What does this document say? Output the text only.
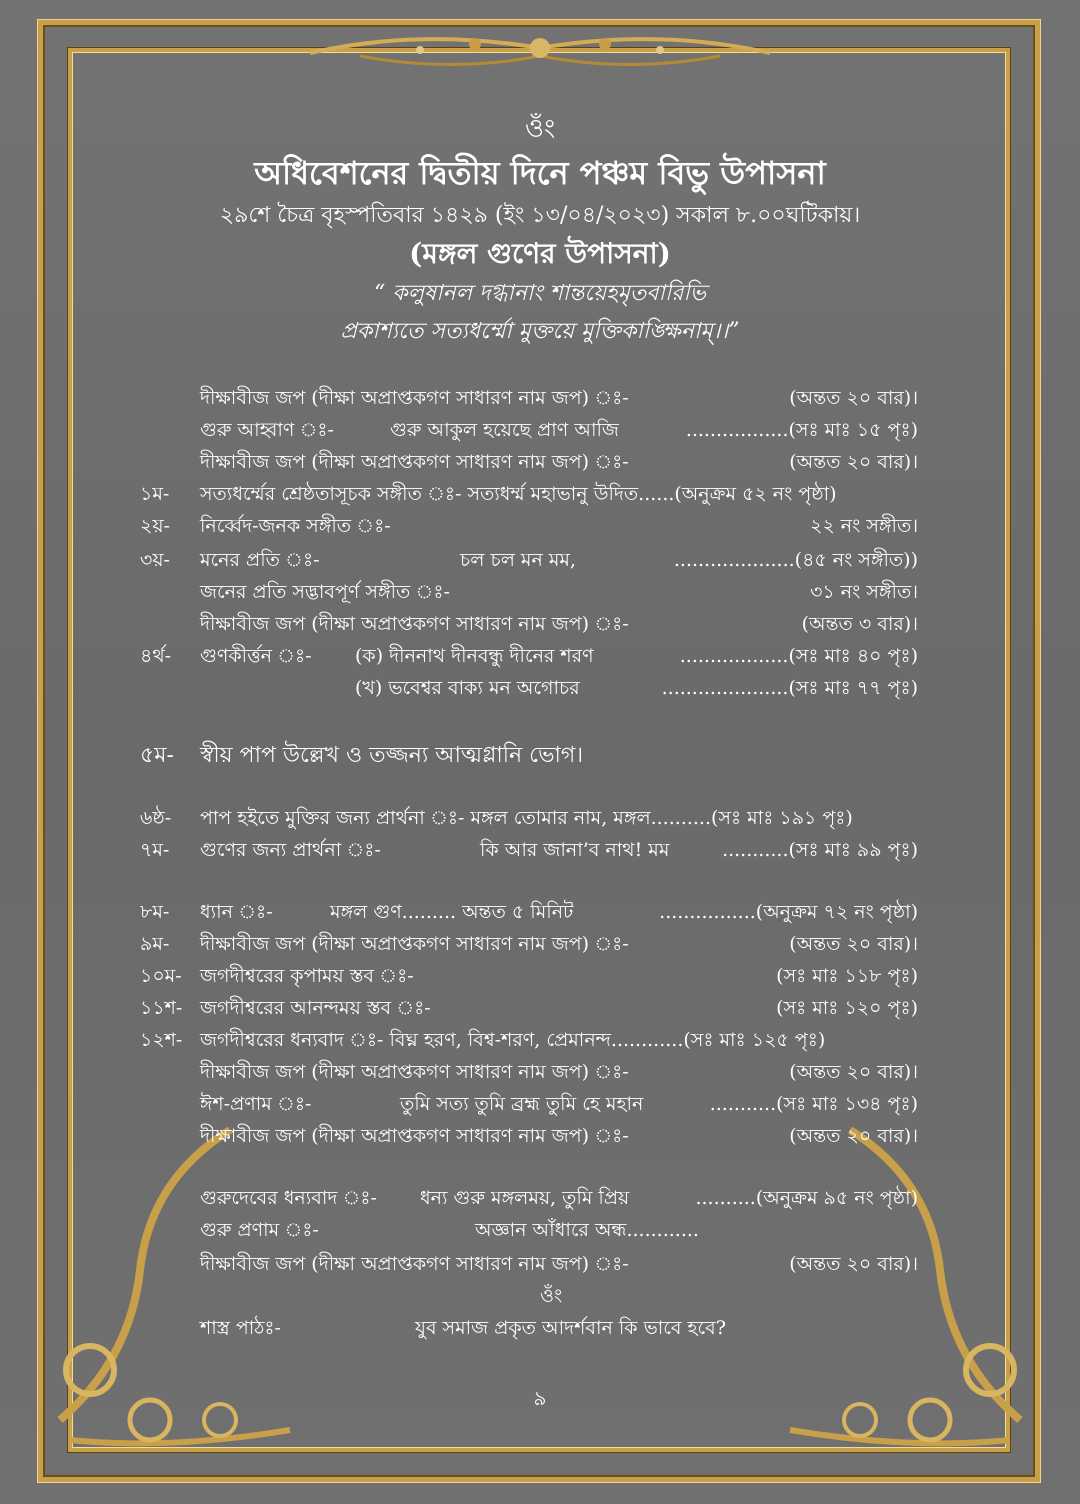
ওঁং
অধিবেশনের দ্বিতীয় দিনে পঞ্চম বিভু উপাসনা
২৯শে চৈত্র বৃহস্পতিবার ১৪২৯ (ইং ১৩/০৪/২০২৩) সকাল ৮.০০ঘটিকায়।
(মঙ্গল গুণের উপাসনা)
“ কলুষানল দগ্ধানাং শান্তয়েহমৃতবারিভি
প্রকাশ্যতে সত্যধর্ম্মো মুক্তয়ে মুক্তিকাঙ্ক্ষিনাম্।।”
দীক্ষাবীজ জপ (দীক্ষা অপ্রাপ্তকগণ সাধারণ নাম জপ) ঃ-	(অন্তত ২০ বার)।
গুরু আহ্বাণ ঃ-	গুরু আকুল হয়েছে প্রাণ আজি	.................(সঃ মাঃ ১৫ পৃঃ)
দীক্ষাবীজ জপ (দীক্ষা অপ্রাপ্তকগণ সাধারণ নাম জপ) ঃ-	(অন্তত ২০ বার)।
১ম- সত্যধর্ম্মের শ্রেষ্ঠতাসূচক সঙ্গীত ঃ- সত্যধর্ম্ম মহাভানু উদিত......(অনুক্রম ৫২ নং পৃষ্ঠা)
২য়- নির্ব্বেদ-জনক সঙ্গীত ঃ-	২২ নং সঙ্গীত।
৩য়- মনের প্রতি ঃ-	চল চল মন মম,	....................(৪৫ নং সঙ্গীত))
জনের প্রতি সদ্ভাবপূর্ণ সঙ্গীত ঃ-	৩১ নং সঙ্গীত।
দীক্ষাবীজ জপ (দীক্ষা অপ্রাপ্তকগণ সাধারণ নাম জপ) ঃ-	(অন্তত ৩ বার)।
৪র্থ- গুণকীর্ত্তন ঃ- (ক) দীননাথ দীনবন্ধু দীনের শরণ	..................(সঃ মাঃ ৪০ পৃঃ)
(খ) ভবেশ্বর বাক্য মন অগোচর	.....................(সঃ মাঃ ৭৭ পৃঃ)
৫ম- স্বীয় পাপ উল্লেখ ও তজ্জন্য আত্মগ্লানি ভোগ।
৬ষ্ঠ- পাপ হইতে মুক্তির জন্য প্রার্থনা ঃ- মঙ্গল তোমার নাম, মঙ্গল..........(সঃ মাঃ ১৯১ পৃঃ)
৭ম- গুণের জন্য প্রার্থনা ঃ-	কি আর জানা’ব নাথ! মম	...........(সঃ মাঃ ৯৯ পৃঃ)
৮ম- ধ্যান ঃ-	মঙ্গল গুণ......... অন্তত ৫ মিনিট	................(অনুক্রম ৭২ নং পৃষ্ঠা)
৯ম- দীক্ষাবীজ জপ (দীক্ষা অপ্রাপ্তকগণ সাধারণ নাম জপ) ঃ-	(অন্তত ২০ বার)।
১০ম- জগদীশ্বরের কৃপাময় স্তব ঃ-	(সঃ মাঃ ১১৮ পৃঃ)
১১শ- জগদীশ্বরের আনন্দময় স্তব ঃ-	(সঃ মাঃ ১২০ পৃঃ)
১২শ- জগদীশ্বরের ধন্যবাদ ঃ- বিঘ্ন হরণ, বিশ্ব-শরণ, প্রেমানন্দ............(সঃ মাঃ ১২৫ পৃঃ)
দীক্ষাবীজ জপ (দীক্ষা অপ্রাপ্তকগণ সাধারণ নাম জপ) ঃ-	(অন্তত ২০ বার)।
ঈশ-প্রণাম ঃ-	তুমি সত্য তুমি ব্রহ্ম তুমি হে মহান	...........(সঃ মাঃ ১৩৪ পৃঃ)
দীক্ষাবীজ জপ (দীক্ষা অপ্রাপ্তকগণ সাধারণ নাম জপ) ঃ-	(অন্তত ২০ বার)।
গুরুদেবের ধন্যবাদ ঃ- ধন্য গুরু মঙ্গলময়, তুমি প্রিয়	..........(অনুক্রম ৯৫ নং পৃষ্ঠা)
গুরু প্রণাম ঃ-	অজ্ঞান আঁধারে অন্ধ............
দীক্ষাবীজ জপ (দীক্ষা অপ্রাপ্তকগণ সাধারণ নাম জপ) ঃ-	(অন্তত ২০ বার)।
ওঁং
শাস্ত্র পাঠঃ-	যুব সমাজ প্রকৃত আদর্শবান কি ভাবে হবে?
৯
